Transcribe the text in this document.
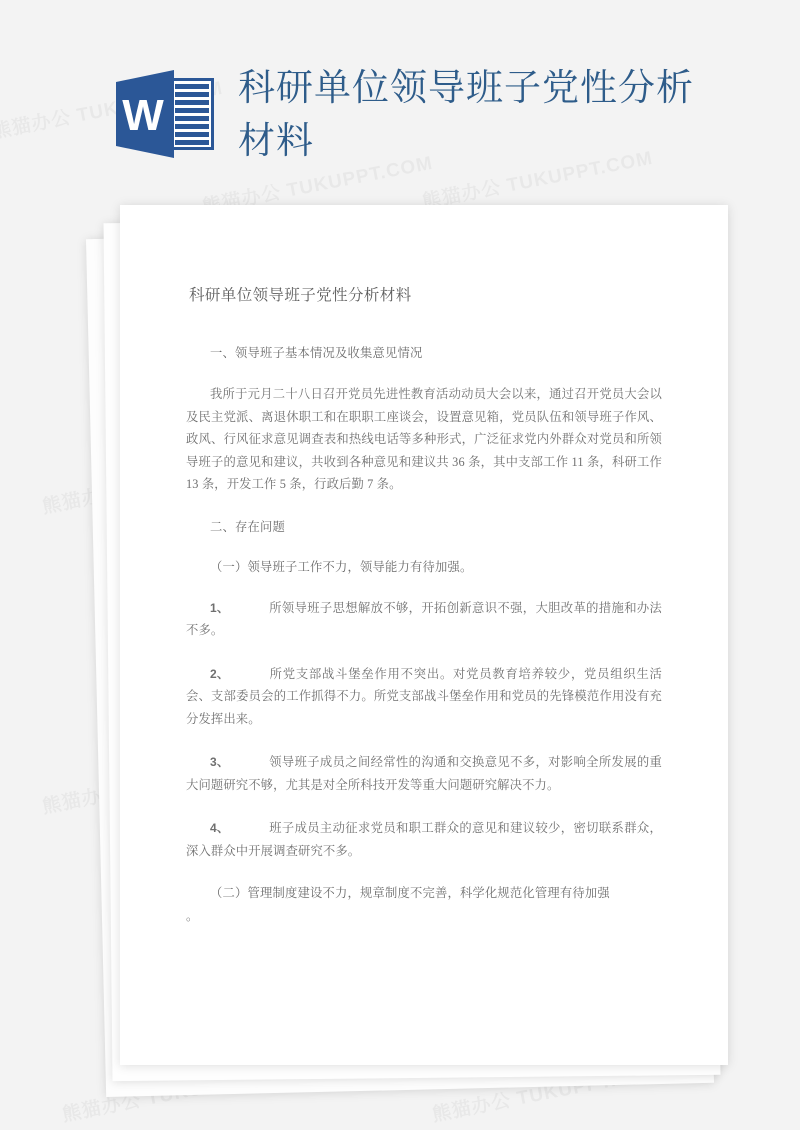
W
科研单位领导班子党性分析材料
科研单位领导班子党性分析材料
一、领导班子基本情况及收集意见情况

我所于元月二十八日召开党员先进性教育活动动员大会以来，通过召开党员大会以及民主党派、离退休职工和在职职工座谈会，设置意见箱，党员队伍和领导班子作风、政风、行风征求意见调查表和热线电话等多种形式，广泛征求党内外群众对党员和所领导班子的意见和建议，共收到各种意见和建议共 36 条，其中支部工作 11 条，科研工作 13 条，开发工作 5 条，行政后勤 7 条。

二、存在问题
（一）领导班子工作不力，领导能力有待加强。

1、	所领导班子思想解放不够，开拓创新意识不强，大胆改革的措施和办法不多。

2、	所党支部战斗堡垒作用不突出。对党员教育培养较少，党员组织生活会、支部委员会的工作抓得不力。所党支部战斗堡垒作用和党员的先锋模范作用没有充分发挥出来。

3、	领导班子成员之间经常性的沟通和交换意见不多，对影响全所发展的重大问题研究不够，尤其是对全所科技开发等重大问题研究解决不力。

4、	班子成员主动征求党员和职工群众的意见和建议较少，密切联系群众，深入群众中开展调查研究不多。

（二）管理制度建设不力，规章制度不完善，科学化规范化管理有待加强

。
